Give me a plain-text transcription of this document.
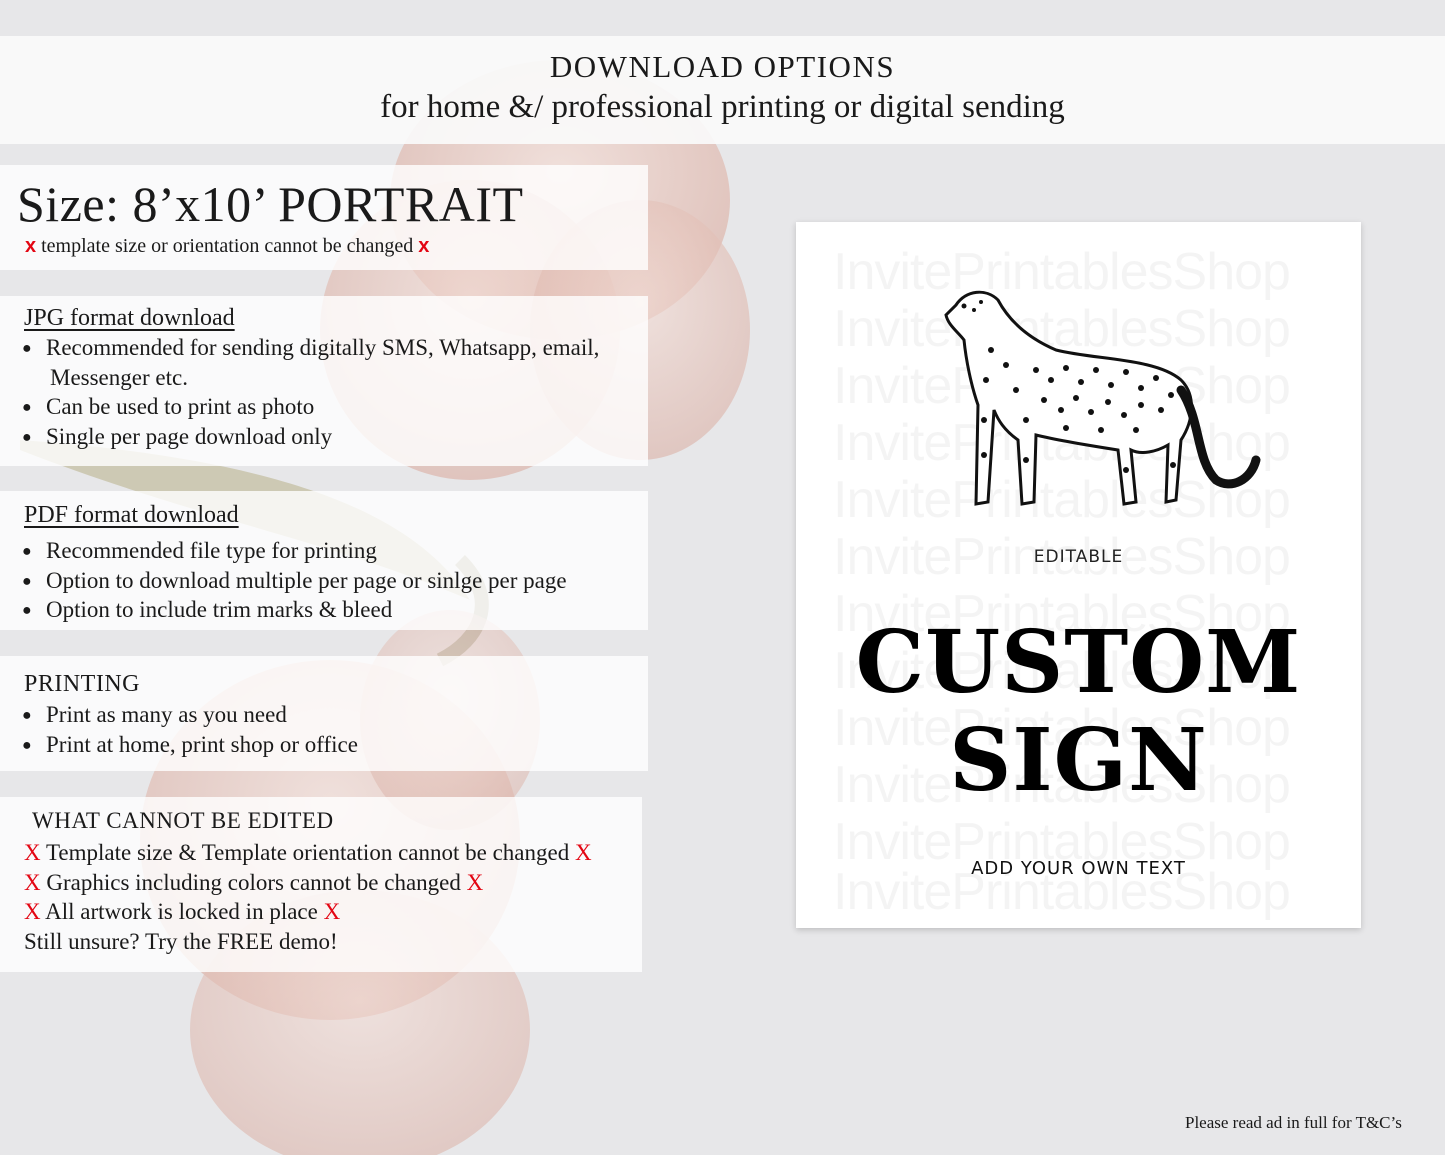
DOWNLOAD OPTIONS
for home &/ professional printing or digital sending
Size: 8’x10’ PORTRAIT
x template size or orientation cannot be changed x
JPG format download
● Recommended for sending digitally SMS, Whatsapp, email,
Messenger etc.
● Can be used to print as photo
● Single per page download only
PDF format download
● Recommended file type for printing
● Option to download multiple per page or sinlge per page
● Option to include trim marks & bleed
PRINTING
● Print as many as you need
● Print at home, print shop or office
WHAT CANNOT BE EDITED
X Template size & Template orientation cannot be changed X
X Graphics including colors cannot be changed X
X All artwork is locked in place X
Still unsure? Try the FREE demo!
EDITABLE
CUSTOM
SIGN
ADD YOUR OWN TEXT
Please read ad in full for T&C’s
